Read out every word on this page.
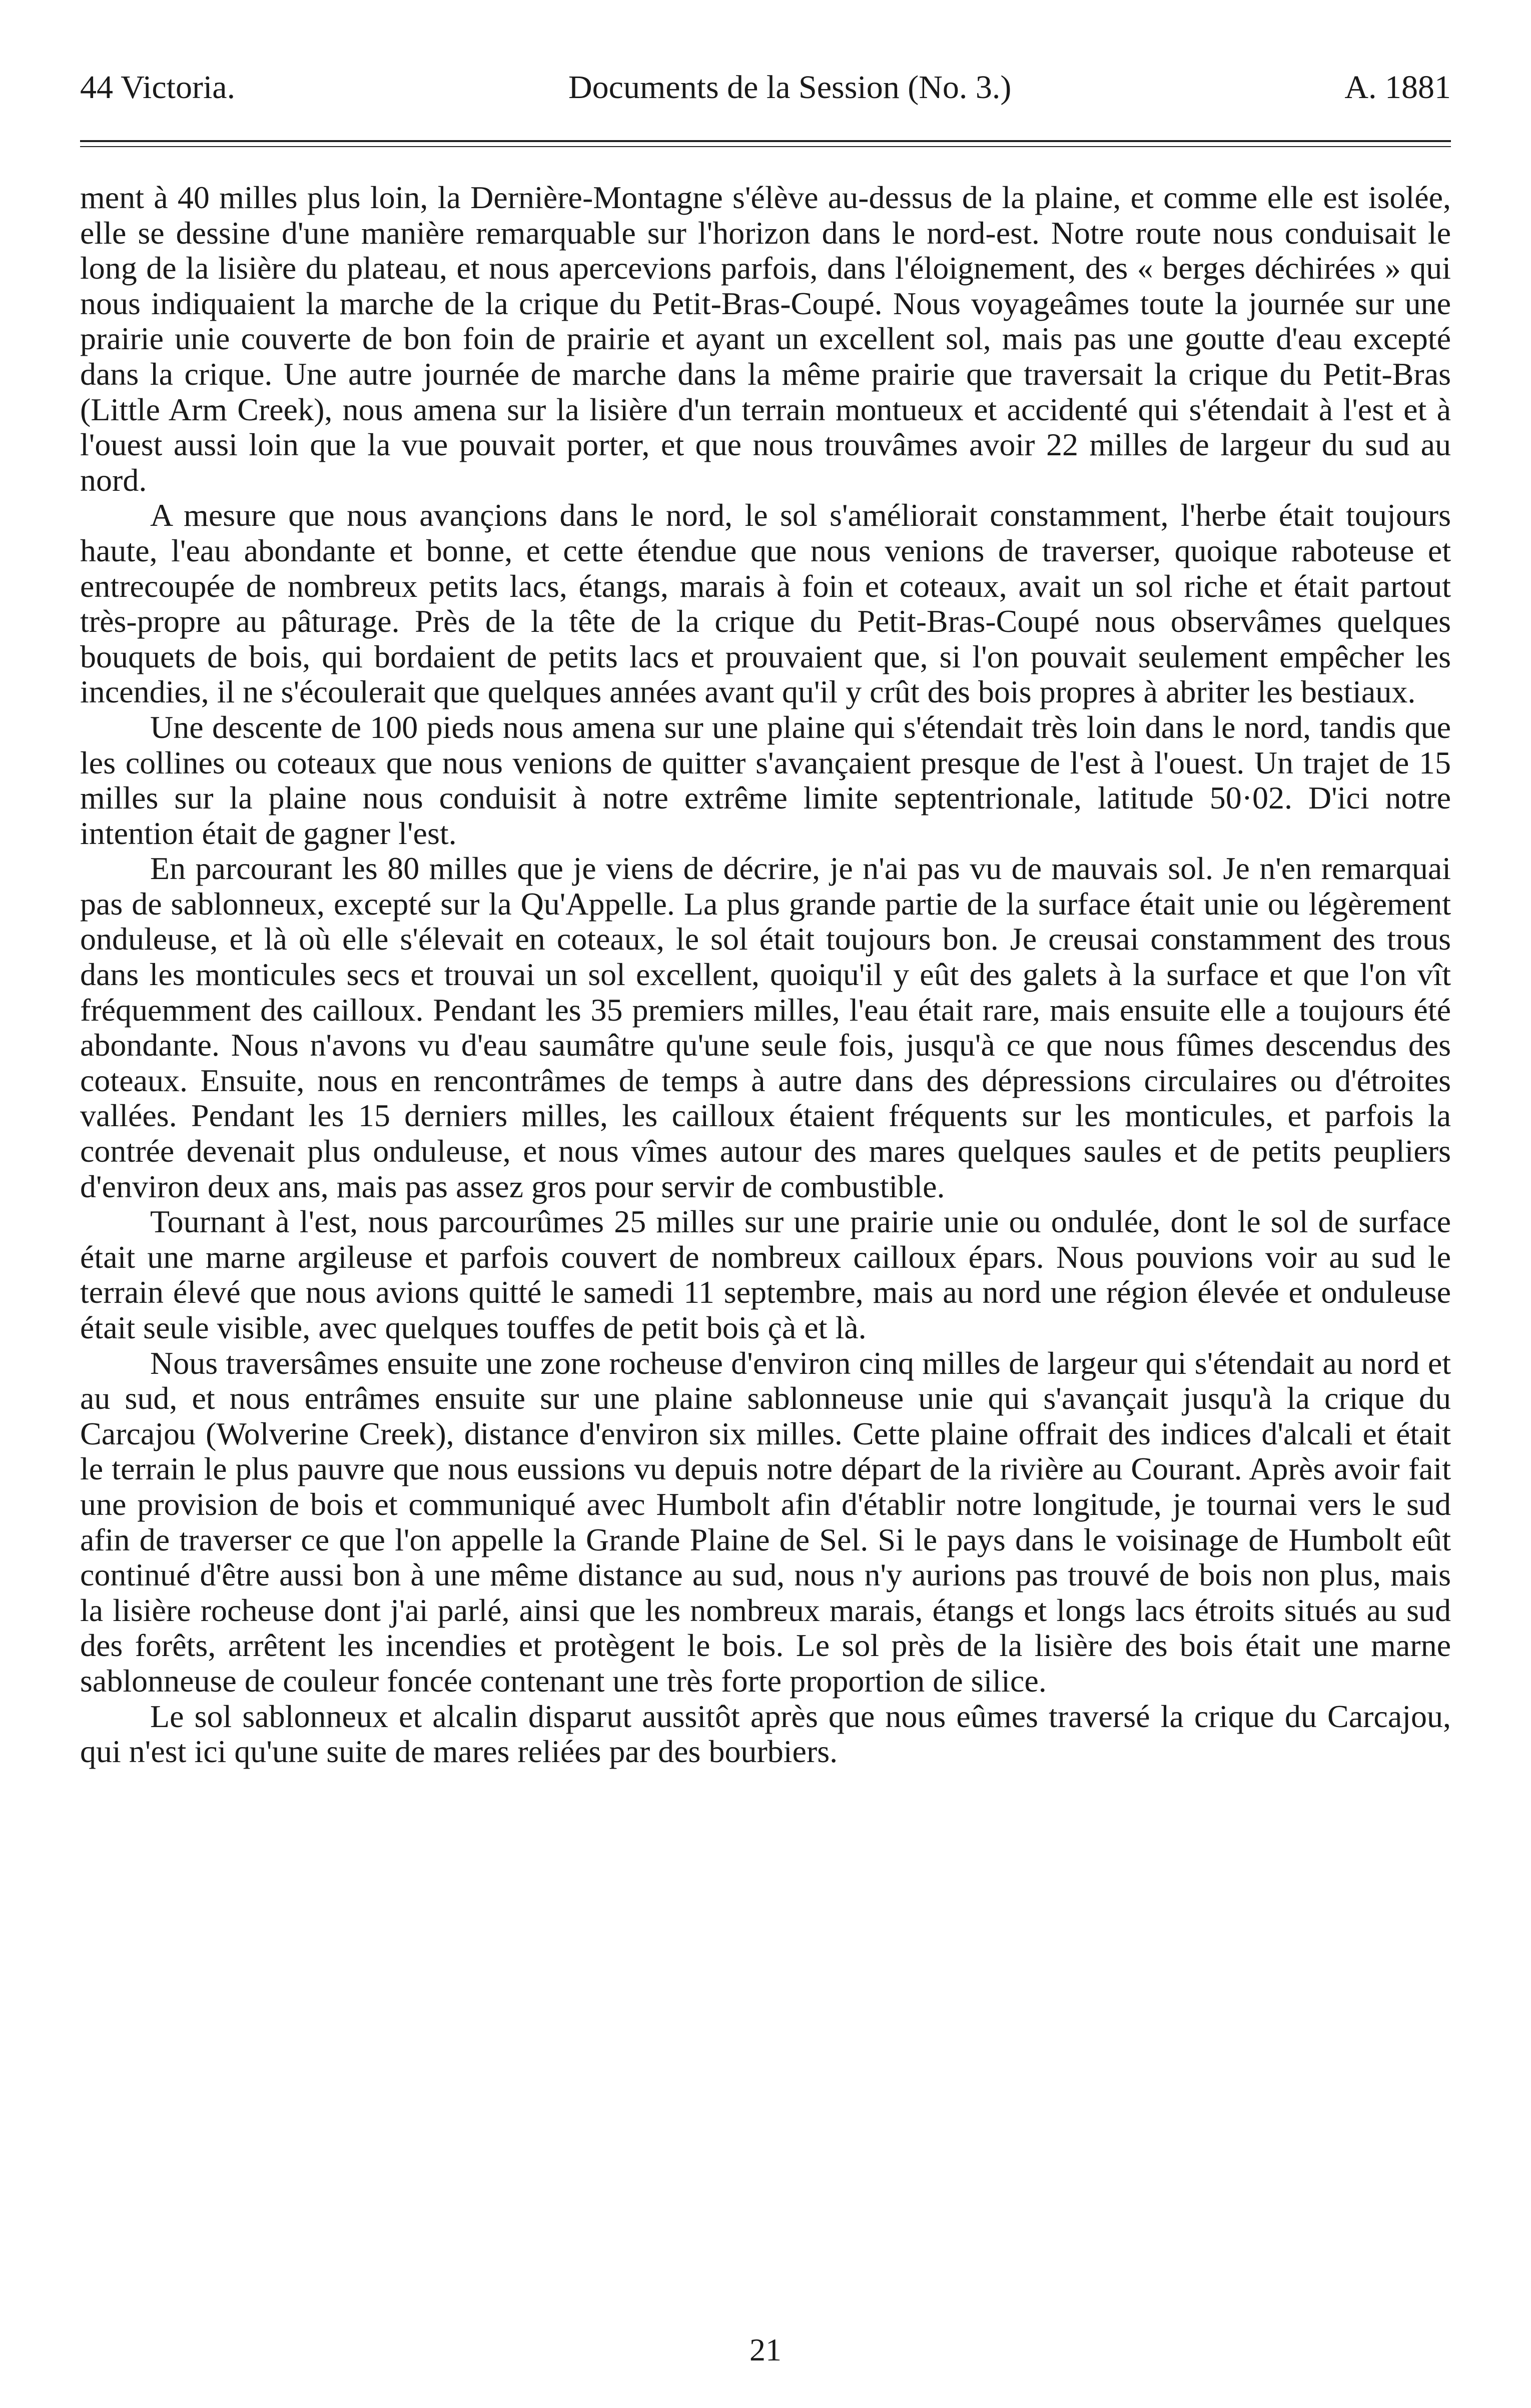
44 Victoria.	Documents de la Session (No. 3.)	A. 1881

ment à 40 milles plus loin, la Dernière-Montagne s'élève au-dessus de la plaine, et comme elle est isolée, elle se dessine d'une manière remarquable sur l'horizon dans le nord-est. Notre route nous conduisait le long de la lisière du plateau, et nous apercevions parfois, dans l'éloignement, des « berges déchirées » qui nous indiquaient la marche de la crique du Petit-Bras-Coupé. Nous voyageâmes toute la journée sur une prairie unie couverte de bon foin de prairie et ayant un excellent sol, mais pas une goutte d'eau excepté dans la crique. Une autre journée de marche dans la même prairie que traversait la crique du Petit-Bras (Little Arm Creek), nous amena sur la lisière d'un terrain montueux et accidenté qui s'étendait à l'est et à l'ouest aussi loin que la vue pouvait porter, et que nous trouvâmes avoir 22 milles de largeur du sud au nord.

A mesure que nous avançions dans le nord, le sol s'améliorait constamment, l'herbe était toujours haute, l'eau abondante et bonne, et cette étendue que nous venions de traverser, quoique raboteuse et entrecoupée de nombreux petits lacs, étangs, marais à foin et coteaux, avait un sol riche et était partout très-propre au pâturage. Près de la tête de la crique du Petit-Bras-Coupé nous observâmes quelques bouquets de bois, qui bordaient de petits lacs et prouvaient que, si l'on pouvait seulement empêcher les incendies, il ne s'écoulerait que quelques années avant qu'il y crût des bois propres à abriter les bestiaux.

Une descente de 100 pieds nous amena sur une plaine qui s'étendait très loin dans le nord, tandis que les collines ou coteaux que nous venions de quitter s'avançaient presque de l'est à l'ouest. Un trajet de 15 milles sur la plaine nous conduisit à notre extrême limite septentrionale, latitude 50·02. D'ici notre intention était de gagner l'est.

En parcourant les 80 milles que je viens de décrire, je n'ai pas vu de mauvais sol. Je n'en remarquai pas de sablonneux, excepté sur la Qu'Appelle. La plus grande partie de la surface était unie ou légèrement onduleuse, et là où elle s'élevait en coteaux, le sol était toujours bon. Je creusai constamment des trous dans les monticules secs et trouvai un sol excellent, quoiqu'il y eût des galets à la surface et que l'on vît fréquemment des cailloux. Pendant les 35 premiers milles, l'eau était rare, mais ensuite elle a toujours été abondante. Nous n'avons vu d'eau saumâtre qu'une seule fois, jusqu'à ce que nous fûmes descendus des coteaux. Ensuite, nous en rencontrâmes de temps à autre dans des dépressions circulaires ou d'étroites vallées. Pendant les 15 derniers milles, les cailloux étaient fréquents sur les monticules, et parfois la contrée devenait plus onduleuse, et nous vîmes autour des mares quelques saules et de petits peupliers d'environ deux ans, mais pas assez gros pour servir de combustible.

Tournant à l'est, nous parcourûmes 25 milles sur une prairie unie ou ondulée, dont le sol de surface était une marne argileuse et parfois couvert de nombreux cailloux épars. Nous pouvions voir au sud le terrain élevé que nous avions quitté le samedi 11 septembre, mais au nord une région élevée et onduleuse était seule visible, avec quelques touffes de petit bois çà et là.

Nous traversâmes ensuite une zone rocheuse d'environ cinq milles de largeur qui s'étendait au nord et au sud, et nous entrâmes ensuite sur une plaine sablonneuse unie qui s'avançait jusqu'à la crique du Carcajou (Wolverine Creek), distance d'environ six milles. Cette plaine offrait des indices d'alcali et était le terrain le plus pauvre que nous eussions vu depuis notre départ de la rivière au Courant. Après avoir fait une provision de bois et communiqué avec Humbolt afin d'établir notre longitude, je tournai vers le sud afin de traverser ce que l'on appelle la Grande Plaine de Sel. Si le pays dans le voisinage de Humbolt eût continué d'être aussi bon à une même distance au sud, nous n'y aurions pas trouvé de bois non plus, mais la lisière rocheuse dont j'ai parlé, ainsi que les nombreux marais, étangs et longs lacs étroits situés au sud des forêts, arrêtent les incendies et protègent le bois. Le sol près de la lisière des bois était une marne sablonneuse de couleur foncée contenant une très forte proportion de silice.

Le sol sablonneux et alcalin disparut aussitôt après que nous eûmes traversé la crique du Carcajou, qui n'est ici qu'une suite de mares reliées par des bourbiers.

21
